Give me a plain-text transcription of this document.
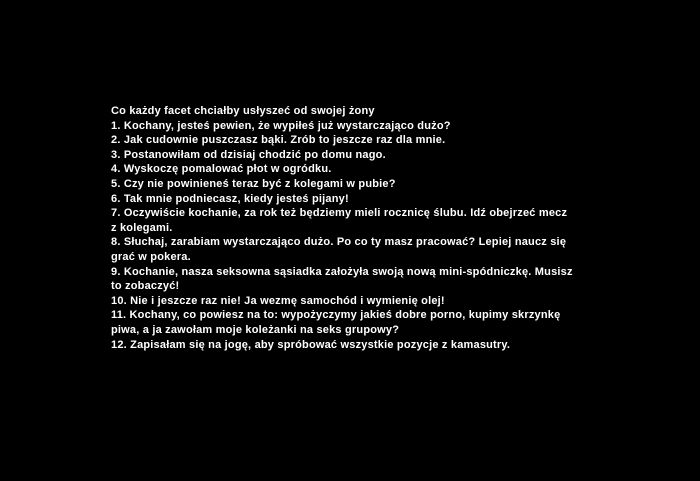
Co każdy facet chciałby usłyszeć od swojej żony
1. Kochany, jesteś pewien, że wypiłeś już wystarczająco dużo?
2. Jak cudownie puszczasz bąki. Zrób to jeszcze raz dla mnie.
3. Postanowiłam od dzisiaj chodzić po domu nago.
4. Wyskoczę pomalować płot w ogródku.
5. Czy nie powinieneś teraz być z kolegami w pubie?
6. Tak mnie podniecasz, kiedy jesteś pijany!
7. Oczywiście kochanie, za rok też będziemy mieli rocznicę ślubu. Idź obejrzeć mecz
z kolegami.
8. Słuchaj, zarabiam wystarczająco dużo. Po co ty masz pracować? Lepiej naucz się
grać w pokera.
9. Kochanie, nasza seksowna sąsiadka założyła swoją nową mini-spódniczkę. Musisz
to zobaczyć!
10. Nie i jeszcze raz nie! Ja wezmę samochód i wymienię olej!
11. Kochany, co powiesz na to: wypożyczymy jakieś dobre porno, kupimy skrzynkę
piwa, a ja zawołam moje koleżanki na seks grupowy?
12. Zapisałam się na jogę, aby spróbować wszystkie pozycje z kamasutry.
